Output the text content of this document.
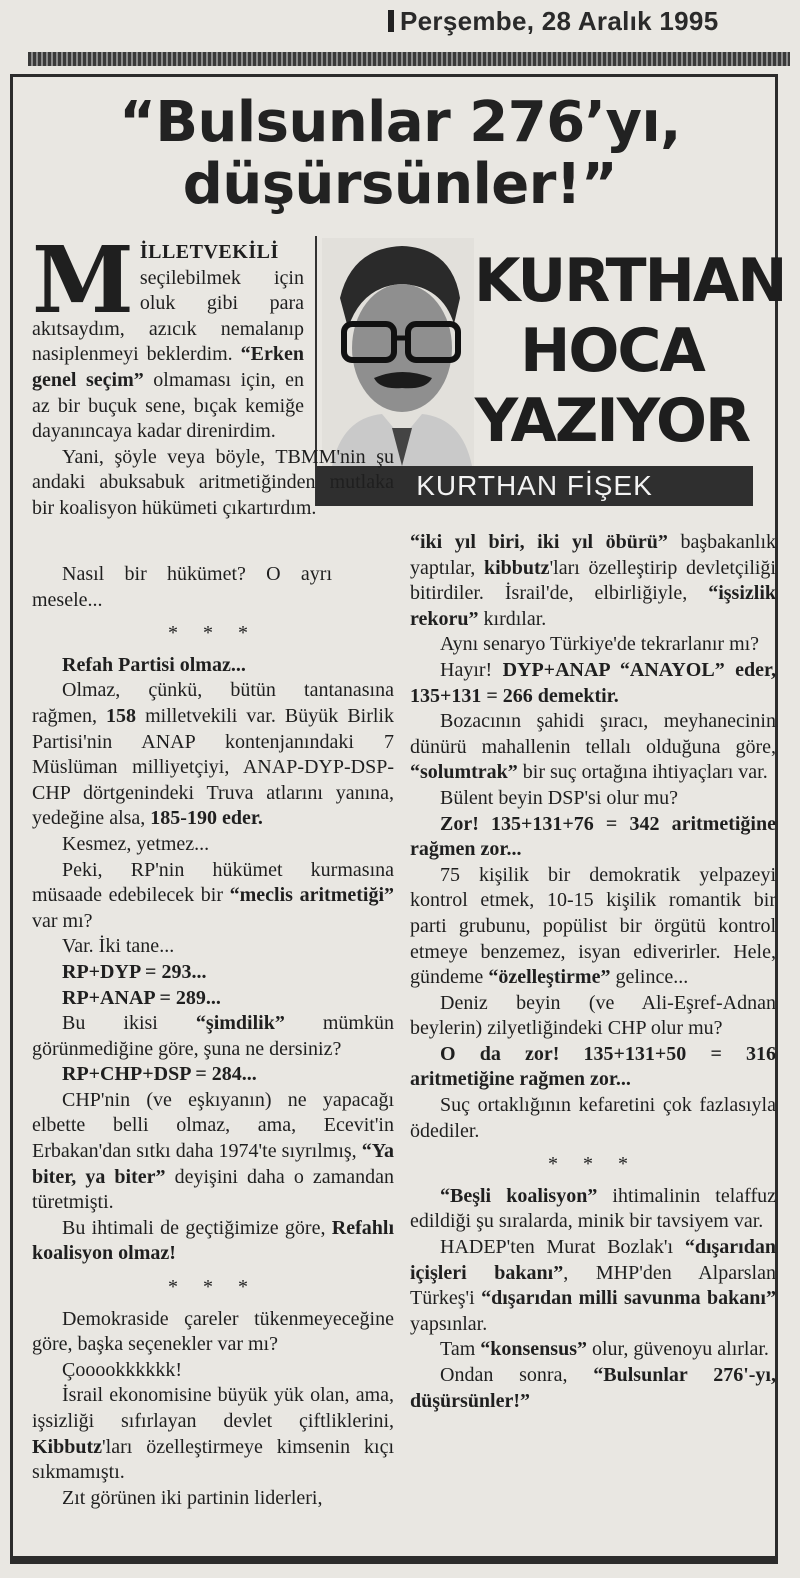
Perşembe, 28 Aralık 1995
“Bulsunlar 276’yı,
düşürsünler!”
KURTHAN
HOCA
YAZIYOR
KURTHAN FİŞEK

MİLLETVEKİLİ seçilebilmek için oluk gibi para akıtsaydım, azıcık nemalanıp nasiplenmeyi beklerdim. “Erken genel seçim” olmaması için, en az bir buçuk sene, bıçak kemiğe dayanıncaya kadar direnirdim.

Yani, şöyle veya böyle, TBMM'nin şu andaki abuksabuk aritmetiğinden mutlaka bir koalisyon hükümeti çıkartırdım.

Nasıl bir hükümet? O ayrı mesele...

* * *

Refah Partisi olmaz...

Olmaz, çünkü, bütün tantanasına rağmen, 158 milletvekili var. Büyük Birlik Partisi'nin ANAP kontenjanındaki 7 Müslüman milliyetçiyi, ANAP-DYP-DSP-CHP dörtgenindeki Truva atlarını yanına, yedeğine alsa, 185-190 eder.

Kesmez, yetmez...

Peki, RP'nin hükümet kurmasına müsaade edebilecek bir “meclis aritmetiği” var mı?

Var. İki tane...

RP+DYP = 293...

RP+ANAP = 289...

Bu ikisi “şimdilik” mümkün görünmediğine göre, şuna ne dersiniz?

RP+CHP+DSP = 284...

CHP'nin (ve eşkıyanın) ne yapacağı elbette belli olmaz, ama, Ecevit'in Erbakan'dan sıtkı daha 1974'te sıyrılmış, “Ya biter, ya biter” deyişini daha o zamandan türetmişti.

Bu ihtimali de geçtiğimize göre, Refahlı koalisyon olmaz!

* * *

Demokraside çareler tükenmeyeceğine göre, başka seçenekler var mı?

Çooookkkkkk!

İsrail ekonomisine büyük yük olan, ama, işsizliği sıfırlayan devlet çiftliklerini, Kibbutz'ları özelleştirmeye kimsenin kıçı sıkmamıştı.

Zıt görünen iki partinin liderleri,

“iki yıl biri, iki yıl öbürü” başbakanlık yaptılar, kibbutz'ları özelleştirip devletçiliği bitirdiler. İsrail'de, elbirliğiyle, “işsizlik rekoru” kırdılar.

Aynı senaryo Türkiye'de tekrarlanır mı?

Hayır! DYP+ANAP “ANAYOL” eder, 135+131 = 266 demektir.

Bozacının şahidi şıracı, meyhanecinin dünürü mahallenin tellalı olduğuna göre, “solumtrak” bir suç ortağına ihtiyaçları var.

Bülent beyin DSP'si olur mu?

Zor! 135+131+76 = 342 aritmetiğine rağmen zor...

75 kişilik bir demokratik yelpazeyi kontrol etmek, 10-15 kişilik romantik bir parti grubunu, popülist bir örgütü kontrol etmeye benzemez, isyan ediverirler. Hele, gündeme “özelleştirme” gelince...

Deniz beyin (ve Ali-Eşref-Adnan beylerin) zilyetliğindeki CHP olur mu?

O da zor! 135+131+50 = 316 aritmetiğine rağmen zor...

Suç ortaklığının kefaretini çok fazlasıyla ödediler.

* * *

“Beşli koalisyon” ihtimalinin telaffuz edildiği şu sıralarda, minik bir tavsiyem var.

HADEP'ten Murat Bozlak'ı “dışarıdan içişleri bakanı”, MHP'den Alparslan Türkeş'i “dışarıdan milli savunma bakanı” yapsınlar.

Tam “konsensus” olur, güvenoyu alırlar.

Ondan sonra, “Bulsunlar 276'-yı, düşürsünler!”
